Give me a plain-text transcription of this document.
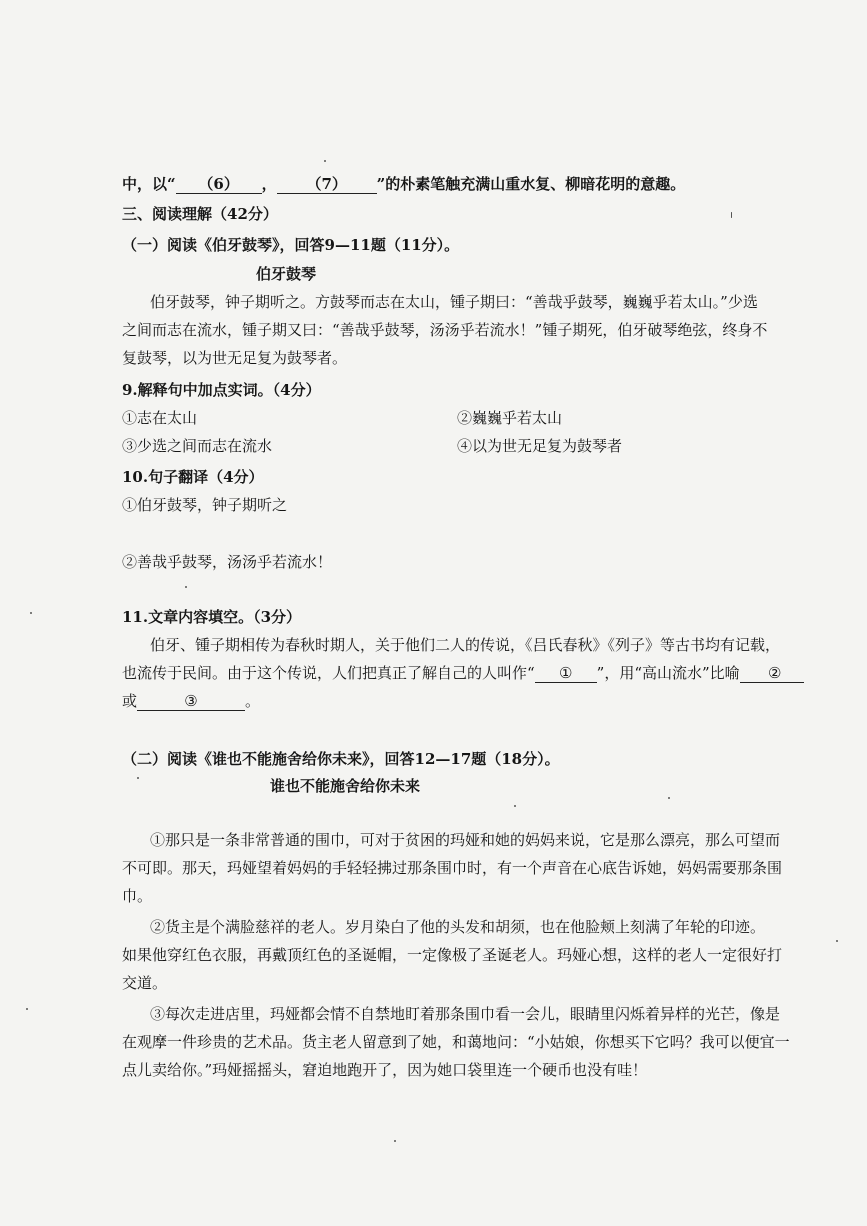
中，以“ （6） ， （7） ”的朴素笔触充满山重水复、柳暗花明的意趣。
三、阅读理解（42分）
（一）阅读《伯牙鼓琴》，回答9—11题（11分）。
伯牙鼓琴
伯牙鼓琴，钟子期听之。方鼓琴而志在太山，锺子期曰：“善哉乎鼓琴，巍巍乎若太山。”少选
之间而志在流水，锺子期又曰：“善哉乎鼓琴，汤汤乎若流水！”锺子期死，伯牙破琴绝弦，终身不
复鼓琴，以为世无足复为鼓琴者。
9.解释句中加点实词。（4分）
①志在太山	②巍巍乎若太山
③少选之间而志在流水	④以为世无足复为鼓琴者
10.句子翻译（4分）
①伯牙鼓琴，钟子期听之
②善哉乎鼓琴，汤汤乎若流水！
11.文章内容填空。（3分）
伯牙、锺子期相传为春秋时期人，关于他们二人的传说，《吕氏春秋》《列子》等古书均有记载，
也流传于民间。由于这个传说，人们把真正了解自己的人叫作“ ① ”，用“高山流水”比喻 ②
或	③	。
（二）阅读《谁也不能施舍给你未来》，回答12—17题（18分）。
谁也不能施舍给你未来
①那只是一条非常普通的围巾，可对于贫困的玛娅和她的妈妈来说，它是那么漂亮，那么可望而
不可即。那天，玛娅望着妈妈的手轻轻拂过那条围巾时，有一个声音在心底告诉她，妈妈需要那条围
巾。
②货主是个满脸慈祥的老人。岁月染白了他的头发和胡须，也在他脸颊上刻满了年轮的印迹。
如果他穿红色衣服，再戴顶红色的圣诞帽，一定像极了圣诞老人。玛娅心想，这样的老人一定很好打
交道。
③每次走进店里，玛娅都会情不自禁地盯着那条围巾看一会儿，眼睛里闪烁着异样的光芒，像是
在观摩一件珍贵的艺术品。货主老人留意到了她，和蔼地问：“小姑娘，你想买下它吗？我可以便宜一
点儿卖给你。”玛娅摇摇头，窘迫地跑开了，因为她口袋里连一个硬币也没有哇！
